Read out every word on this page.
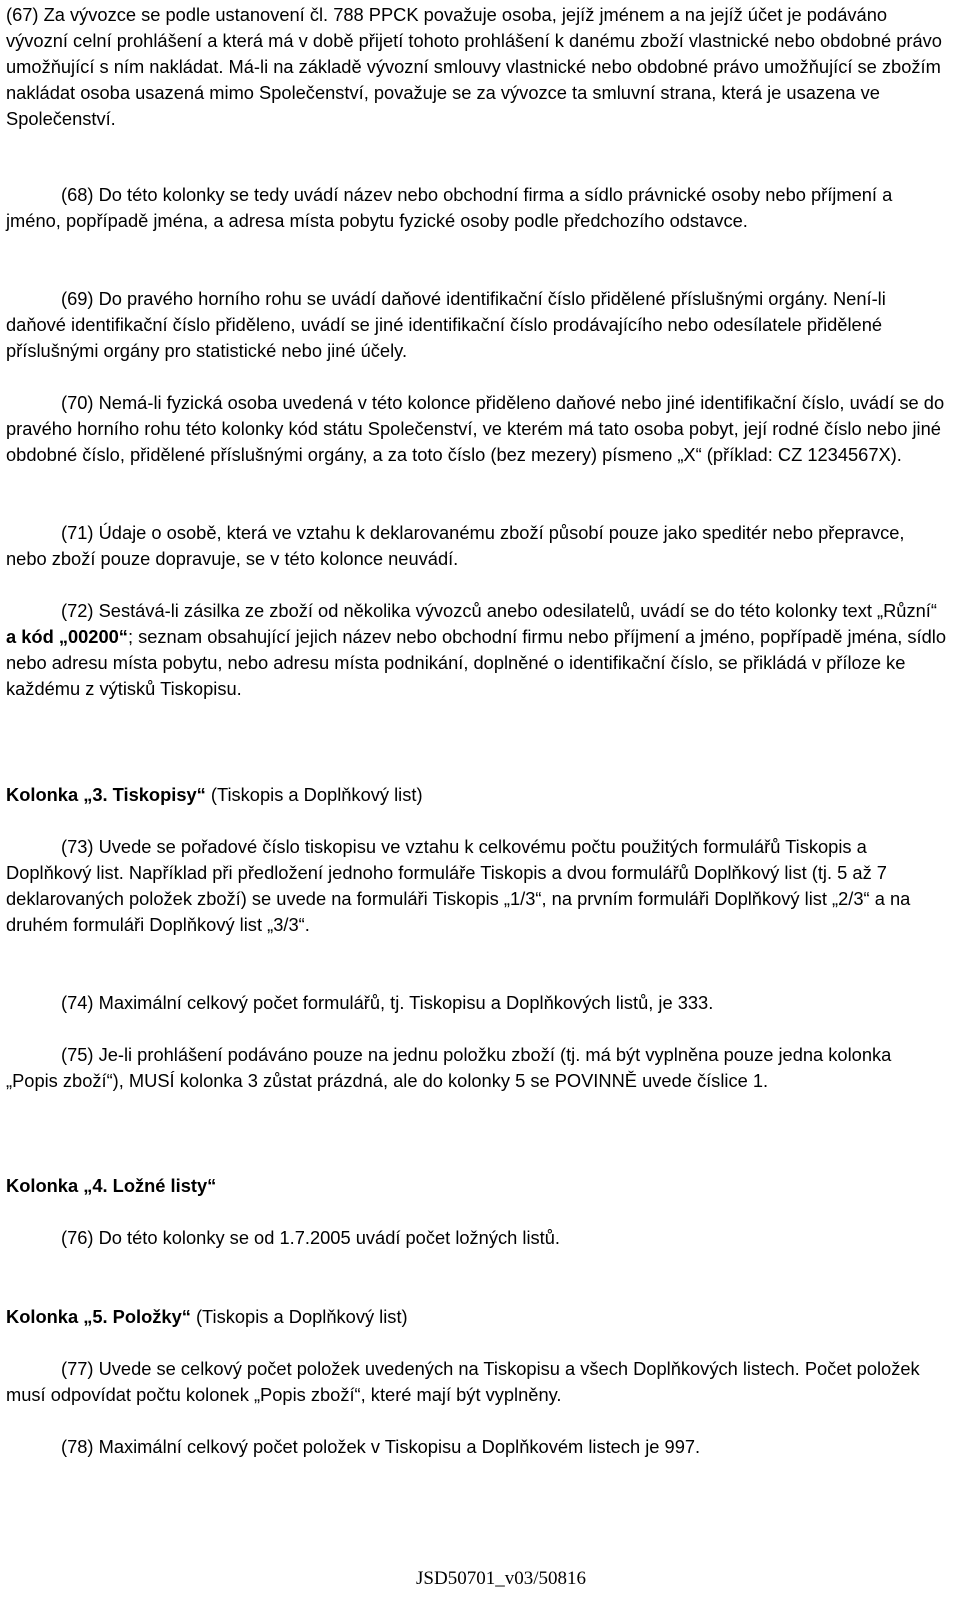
(67) Za vývozce se podle ustanovení čl. 788 PPCK považuje osoba, jejíž jménem a na jejíž účet je podáváno vývozní celní prohlášení a která má v době přijetí tohoto prohlášení k danému zboží vlastnické nebo obdobné právo umožňující s ním nakládat. Má-li na základě vývozní smlouvy vlastnické nebo obdobné právo umožňující se zbožím nakládat osoba usazená mimo Společenství, považuje se za vývozce ta smluvní strana, která je usazena ve Společenství.

(68) Do této kolonky se tedy uvádí název nebo obchodní firma a sídlo právnické osoby nebo příjmení a jméno, popřípadě jména, a adresa místa pobytu fyzické osoby podle předchozího odstavce.

(69) Do pravého horního rohu se uvádí daňové identifikační číslo přidělené příslušnými orgány. Není-li daňové identifikační číslo přiděleno, uvádí se jiné identifikační číslo prodávajícího nebo odesílatele přidělené příslušnými orgány pro statistické nebo jiné účely.

(70) Nemá-li fyzická osoba uvedená v této kolonce přiděleno daňové nebo jiné identifikační číslo, uvádí se do pravého horního rohu této kolonky kód státu Společenství, ve kterém má tato osoba pobyt, její rodné číslo nebo jiné obdobné číslo, přidělené příslušnými orgány, a za toto číslo (bez mezery) písmeno „X“ (příklad: CZ 1234567X).

(71) Údaje o osobě, která ve vztahu k deklarovanému zboží působí pouze jako speditér nebo přepravce, nebo zboží pouze dopravuje, se v této kolonce neuvádí.

(72) Sestává-li zásilka ze zboží od několika vývozců anebo odesilatelů, uvádí se do této kolonky text „Různí“ a kód „00200“; seznam obsahující jejich název nebo obchodní firmu nebo příjmení a jméno, popřípadě jména, sídlo nebo adresu místa pobytu, nebo adresu místa podnikání, doplněné o identifikační číslo, se přikládá v příloze ke každému z výtisků Tiskopisu.

Kolonka „3. Tiskopisy“ (Tiskopis a Doplňkový list)

(73) Uvede se pořadové číslo tiskopisu ve vztahu k celkovému počtu použitých formulářů Tiskopis a Doplňkový list. Například při předložení jednoho formuláře Tiskopis a dvou formulářů Doplňkový list (tj. 5 až 7 deklarovaných položek zboží) se uvede na formuláři Tiskopis „1/3“, na prvním formuláři Doplňkový list „2/3“ a na druhém formuláři Doplňkový list „3/3“.

(74) Maximální celkový počet formulářů, tj. Tiskopisu a Doplňkových listů, je 333.

(75) Je-li prohlášení podáváno pouze na jednu položku zboží (tj. má být vyplněna pouze jedna kolonka „Popis zboží“), MUSÍ kolonka 3 zůstat prázdná, ale do kolonky 5 se POVINNĚ uvede číslice 1.

Kolonka „4. Ložné listy“

(76) Do této kolonky se od 1.7.2005 uvádí počet ložných listů.

Kolonka „5. Položky“ (Tiskopis a Doplňkový list)

(77) Uvede se celkový počet položek uvedených na Tiskopisu a všech Doplňkových listech. Počet položek musí odpovídat počtu kolonek „Popis zboží“, které mají být vyplněny.

(78) Maximální celkový počet položek v Tiskopisu a Doplňkovém listech je 997.

JSD50701_v03/50816
